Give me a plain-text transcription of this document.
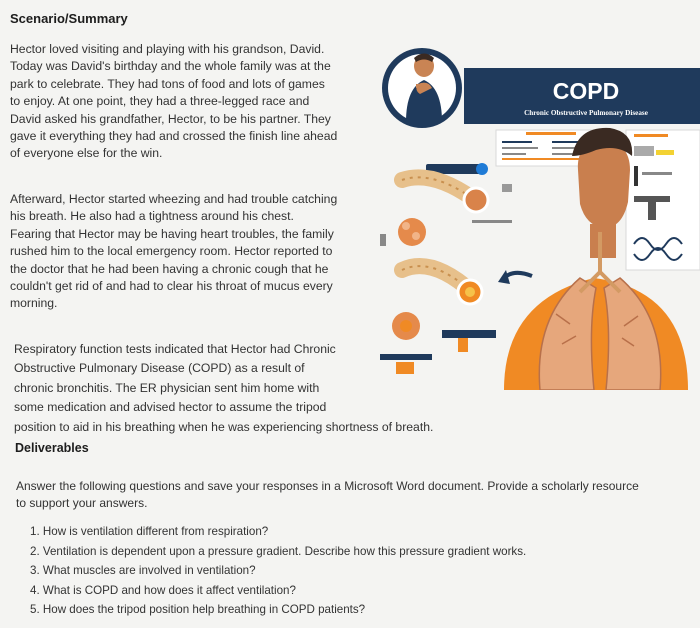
Scenario/Summary
Hector loved visiting and playing with his grandson, David.
Today was David's birthday and the whole family was at the
park to celebrate. They had tons of food and lots of games
to enjoy. At one point, they had a three-legged race and
David asked his grandfather, Hector, to be his partner. They
gave it everything they had and crossed the finish line ahead
of everyone else for the win.
Afterward, Hector started wheezing and had trouble catching
his breath. He also had a tightness around his chest.
Fearing that Hector may be having heart troubles, the family
rushed him to the local emergency room. Hector reported to
the doctor that he had been having a chronic cough that he
couldn't get rid of and had to clear his throat of mucus every
morning.
Respiratory function tests indicated that Hector had Chronic
Obstructive Pulmonary Disease (COPD) as a result of
chronic bronchitis. The ER physician sent him home with
some medication and advised hector to assume the tripod
position to aid in his breathing when he was experiencing shortness of breath.
COPD
Chronic Obstructive Pulmonary Disease
Deliverables
Answer the following questions and save your responses in a Microsoft Word document. Provide a scholarly resource
to support your answers.
1. How is ventilation different from respiration?
2. Ventilation is dependent upon a pressure gradient. Describe how this pressure gradient works.
3. What muscles are involved in ventilation?
4. What is COPD and how does it affect ventilation?
5. How does the tripod position help breathing in COPD patients?
